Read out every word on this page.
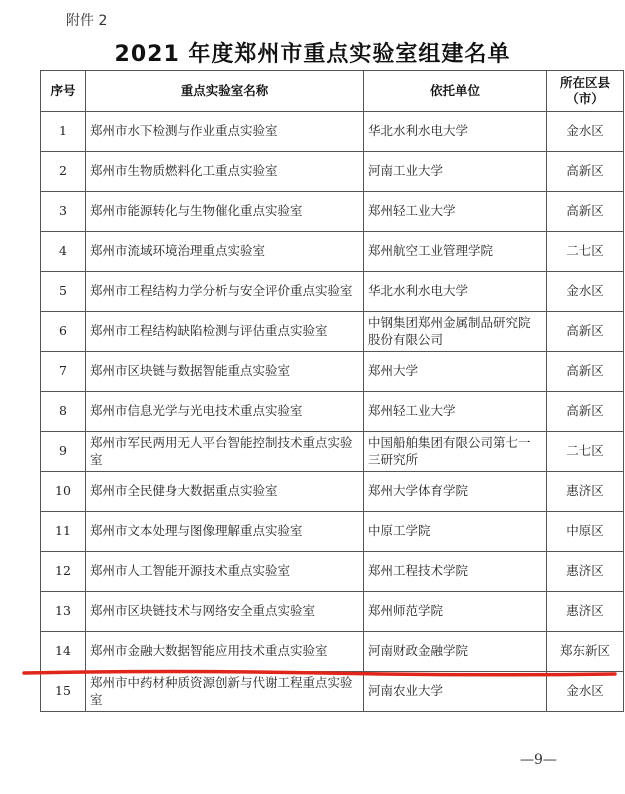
附件 2
2021 年度郑州市重点实验室组建名单
序号	重点实验室名称	依托单位	所在区县
（市）
1	郑州市水下检测与作业重点实验室	华北水利水电大学	金水区
2	郑州市生物质燃料化工重点实验室	河南工业大学	高新区
3	郑州市能源转化与生物催化重点实验室	郑州轻工业大学	高新区
4	郑州市流域环境治理重点实验室	郑州航空工业管理学院	二七区
5	郑州市工程结构力学分析与安全评价重点实验室	华北水利水电大学	金水区
6	郑州市工程结构缺陷检测与评估重点实验室	中钢集团郑州金属制品研究院股份有限公司	高新区
7	郑州市区块链与数据智能重点实验室	郑州大学	高新区
8	郑州市信息光学与光电技术重点实验室	郑州轻工业大学	高新区
9	郑州市军民两用无人平台智能控制技术重点实验室	中国船舶集团有限公司第七一三研究所	二七区
10	郑州市全民健身大数据重点实验室	郑州大学体育学院	惠济区
11	郑州市文本处理与图像理解重点实验室	中原工学院	中原区
12	郑州市人工智能开源技术重点实验室	郑州工程技术学院	惠济区
13	郑州市区块链技术与网络安全重点实验室	郑州师范学院	惠济区
14	郑州市金融大数据智能应用技术重点实验室	河南财政金融学院	郑东新区
15	郑州市中药材种质资源创新与代谢工程重点实验室	河南农业大学	金水区
—9—
